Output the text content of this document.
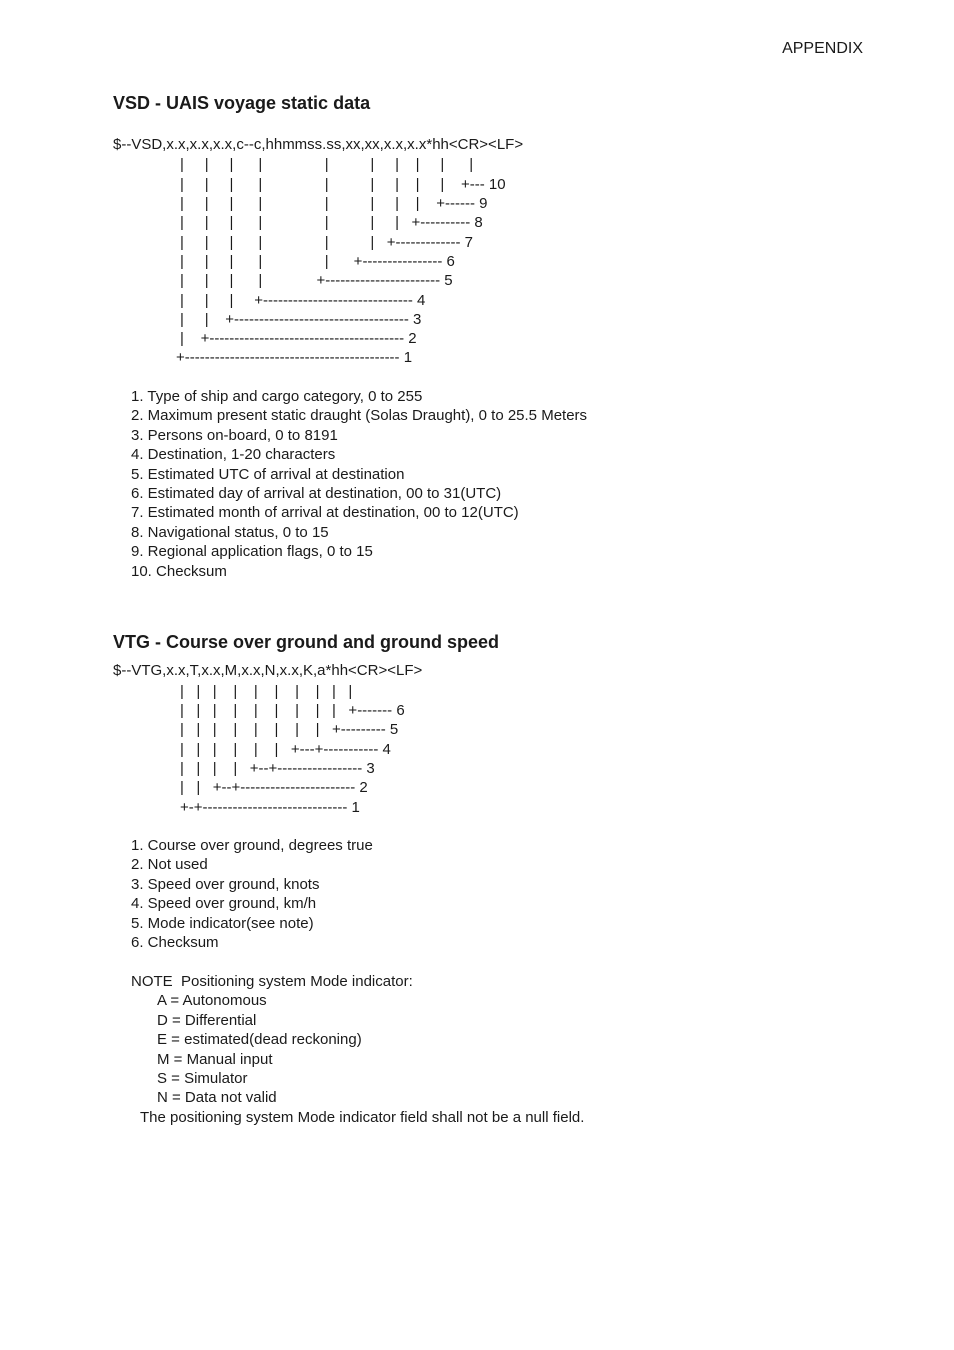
APPENDIX
VSD - UAIS voyage static data
$--VSD,x.x,x.x,x.x,c--c,hhmmss.ss,xx,xx,x.x,x.x*hh<CR><LF>
|     |     |      |               |          |     |    |     |      |
|     |     |      |               |          |     |    |     |    +--- 10
|     |     |      |               |          |     |    |    +------ 9
|     |     |      |               |          |     |   +---------- 8
|     |     |      |               |          |   +------------- 7
|     |     |      |               |      +---------------- 6
|     |     |      |             +----------------------- 5
|     |     |     +------------------------------ 4
|     |    +----------------------------------- 3
|    +--------------------------------------- 2
+------------------------------------------- 1
1. Type of ship and cargo category, 0 to 255
2. Maximum present static draught (Solas Draught), 0 to 25.5 Meters
3. Persons on-board, 0 to 8191
4. Destination, 1-20 characters
5. Estimated UTC of arrival at destination
6. Estimated day of arrival at destination, 00 to 31(UTC)
7. Estimated month of arrival at destination, 00 to 12(UTC)
8. Navigational status, 0 to 15
9. Regional application flags, 0 to 15
10. Checksum
VTG - Course over ground and ground speed
$--VTG,x.x,T,x.x,M,x.x,N,x.x,K,a*hh<CR><LF>
|   |   |    |    |    |    |    |   |   |
|   |   |    |    |    |    |    |   |   +------- 6
|   |   |    |    |    |    |    |   +--------- 5
|   |   |    |    |    |   +---+----------- 4
|   |   |    |   +--+----------------- 3
|   |   +--+----------------------- 2
+-+----------------------------- 1
1. Course over ground, degrees true
2. Not used
3. Speed over ground, knots
4. Speed over ground, km/h
5. Mode indicator(see note)
6. Checksum
NOTE  Positioning system Mode indicator:
A = Autonomous
D = Differential
E = estimated(dead reckoning)
M = Manual input
S = Simulator
N = Data not valid
The positioning system Mode indicator field shall not be a null field.
